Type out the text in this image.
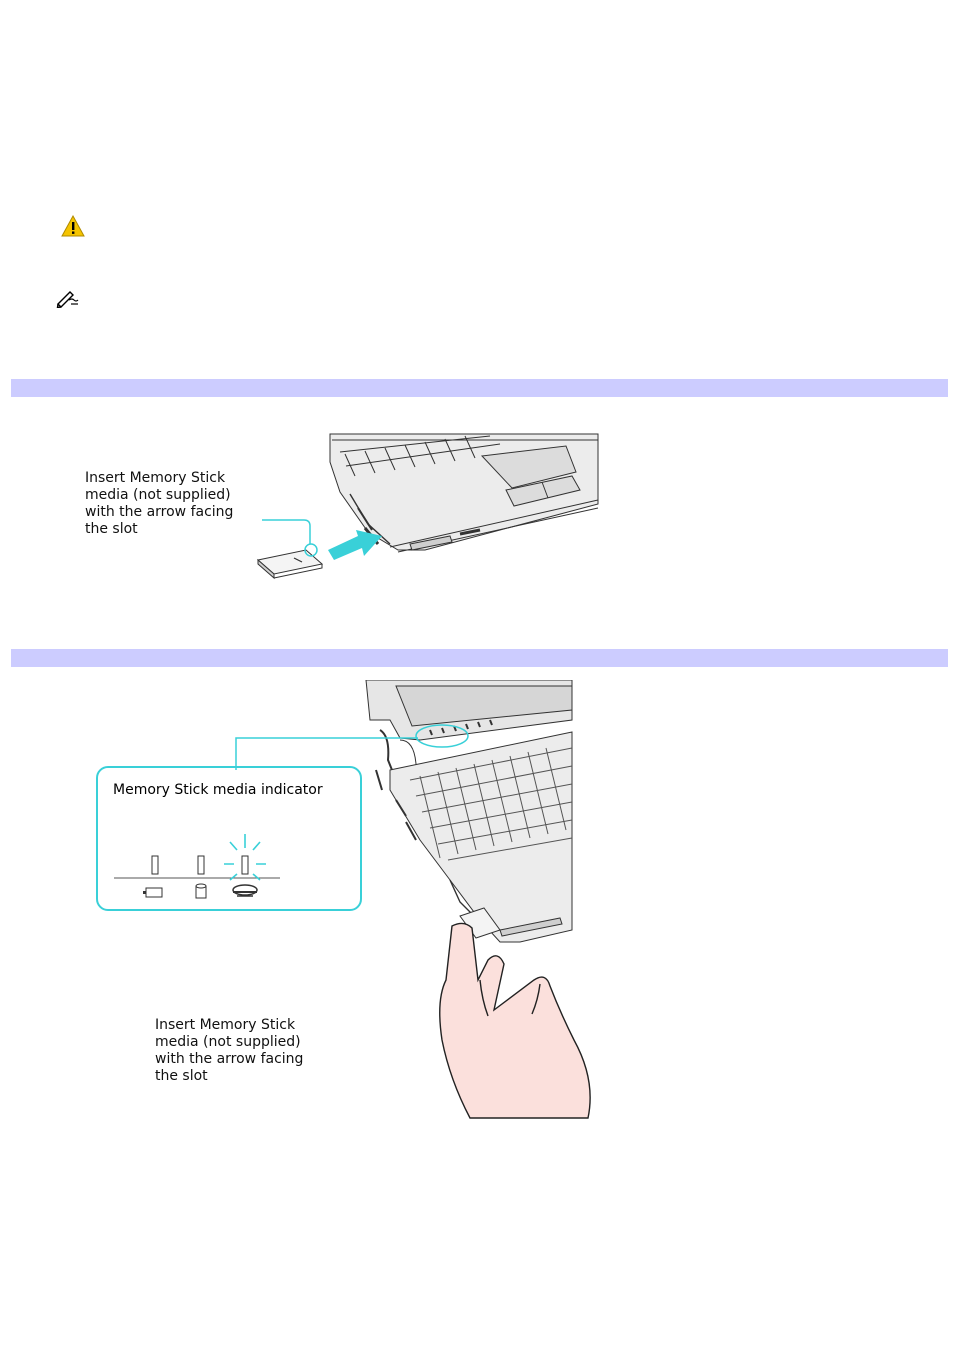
Insert Memory Stick
media (not supplied)
with the arrow facing
the slot
Memory Stick media indicator
Insert Memory Stick
media (not supplied)
with the arrow facing
the slot
